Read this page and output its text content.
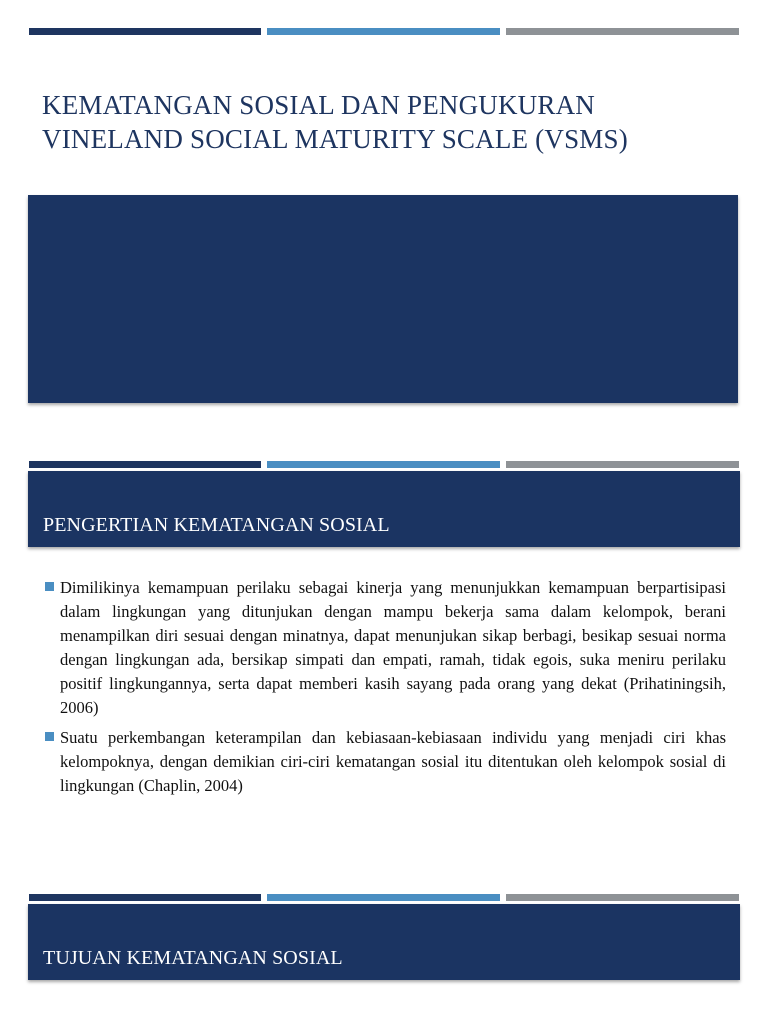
KEMATANGAN SOSIAL DAN PENGUKURAN
VINELAND SOCIAL MATURITY SCALE (VSMS)
PENGERTIAN KEMATANGAN SOSIAL
Dimilikinya kemampuan perilaku sebagai kinerja yang menunjukkan kemampuan berpartisipasi dalam lingkungan yang ditunjukan dengan mampu bekerja sama dalam kelompok, berani menampilkan diri sesuai dengan minatnya, dapat menunjukan sikap berbagi, besikap sesuai norma dengan lingkungan ada, bersikap simpati dan empati, ramah, tidak egois, suka meniru perilaku positif lingkungannya, serta dapat memberi kasih sayang pada orang yang dekat (Prihatiningsih, 2006)
Suatu perkembangan keterampilan dan kebiasaan-kebiasaan individu yang menjadi ciri khas kelompoknya, dengan demikian ciri-ciri kematangan sosial itu ditentukan oleh kelompok sosial di lingkungan (Chaplin, 2004)
TUJUAN KEMATANGAN SOSIAL
